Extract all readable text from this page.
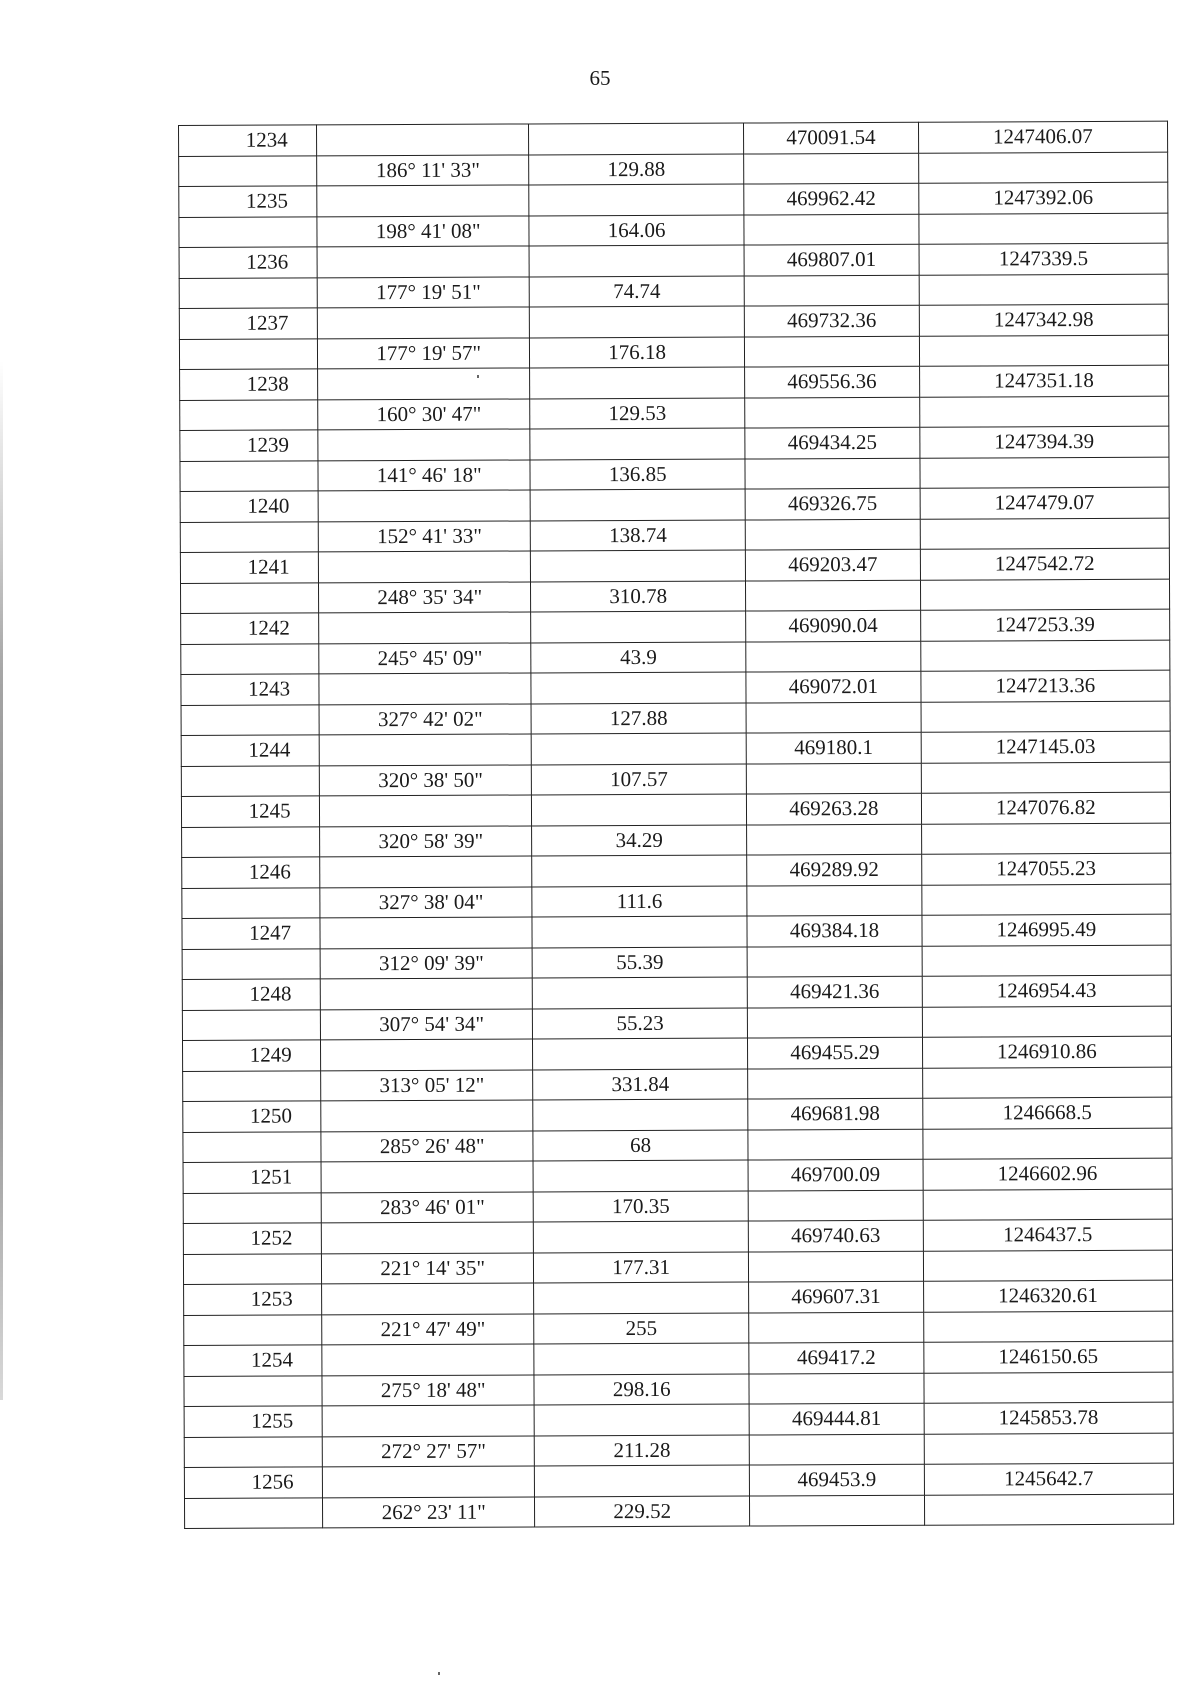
65
1234			470091.54	1247406.07
	186° 11' 33"	129.88		
1235			469962.42	1247392.06
	198° 41' 08"	164.06		
1236			469807.01	1247339.5
	177° 19' 51"	74.74		
1237			469732.36	1247342.98
	177° 19' 57"	176.18		
1238			469556.36	1247351.18
	160° 30' 47"	129.53		
1239			469434.25	1247394.39
	141° 46' 18"	136.85		
1240			469326.75	1247479.07
	152° 41' 33"	138.74		
1241			469203.47	1247542.72
	248° 35' 34"	310.78		
1242			469090.04	1247253.39
	245° 45' 09"	43.9		
1243			469072.01	1247213.36
	327° 42' 02"	127.88		
1244			469180.1	1247145.03
	320° 38' 50"	107.57		
1245			469263.28	1247076.82
	320° 58' 39"	34.29		
1246			469289.92	1247055.23
	327° 38' 04"	111.6		
1247			469384.18	1246995.49
	312° 09' 39"	55.39		
1248			469421.36	1246954.43
	307° 54' 34"	55.23		
1249			469455.29	1246910.86
	313° 05' 12"	331.84		
1250			469681.98	1246668.5
	285° 26' 48"	68		
1251			469700.09	1246602.96
	283° 46' 01"	170.35		
1252			469740.63	1246437.5
	221° 14' 35"	177.31		
1253			469607.31	1246320.61
	221° 47' 49"	255		
1254			469417.2	1246150.65
	275° 18' 48"	298.16		
1255			469444.81	1245853.78
	272° 27' 57"	211.28		
1256			469453.9	1245642.7
	262° 23' 11"	229.52		
